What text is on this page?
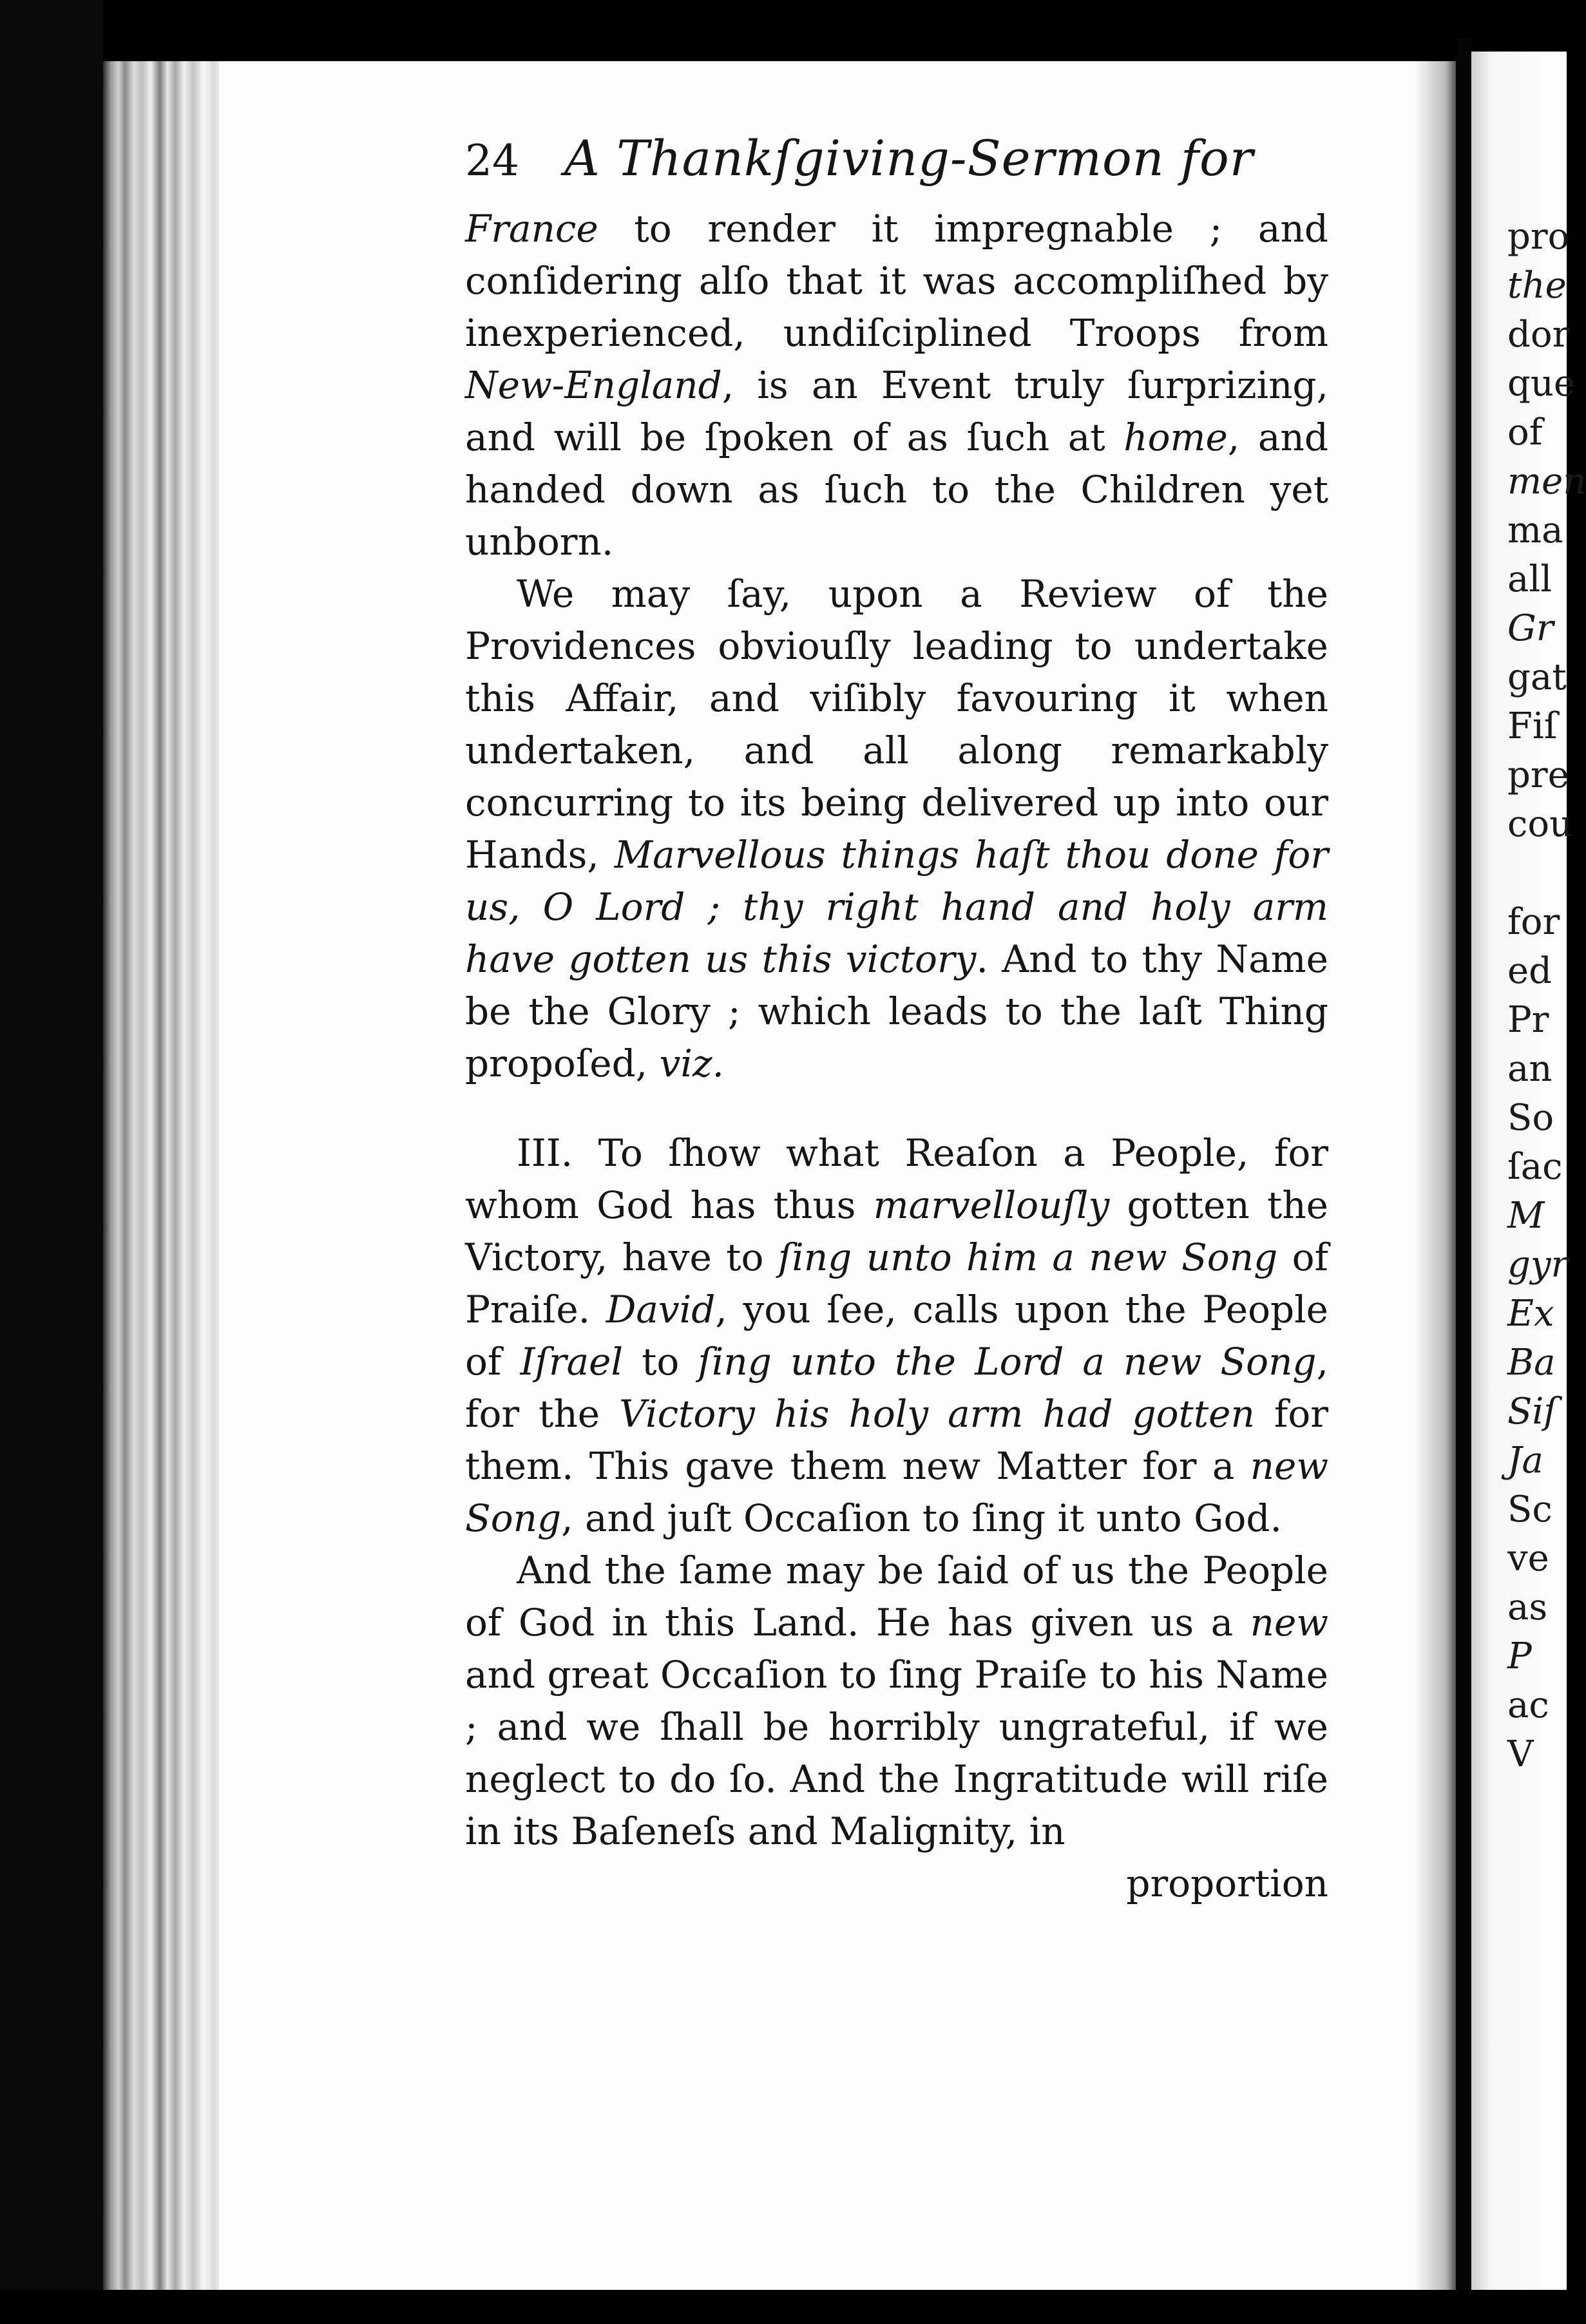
24 A Thankſgiving-Sermon for

France to render it impregnable ; and conſidering alſo that it was accompliſhed by inexperienced, undiſciplined Troops from New-England, is an Event truly ſurprizing, and will be ſpoken of as ſuch at home, and handed down as ſuch to the Children yet unborn.

We may ſay, upon a Review of the Providences obviouſly leading to undertake this Affair, and viſibly favouring it when undertaken, and all along remarkably concurring to its being delivered up into our Hands, Marvellous things haſt thou done for us, O Lord ; thy right hand and holy arm have gotten us this victory. And to thy Name be the Glory ; which leads to the laſt Thing propoſed, viz.

III. To ſhow what Reaſon a People, for whom God has thus marvellouſly gotten the Victory, have to ſing unto him a new Song of Praiſe. David, you ſee, calls upon the People of Iſrael to ſing unto the Lord a new Song, for the Victory his holy arm had gotten for them. This gave them new Matter for a new Song, and juſt Occaſion to ſing it unto God.

And the ſame may be ſaid of us the People of God in this Land. He has given us a new and great Occaſion to ſing Praiſe to his Name ; and we ſhall be horribly ungrateful, if we neglect to do ſo. And the Ingratitude will riſe in its Baſeneſs and Malignity, in

proportion
pro
the
dor
que
of
men
ma
all
Gr
gat
Fiſ
pre
cou
for
ed
Pr
an
So
ſac
M
gyr
Ex
Ba
Siſ
Ja
Sc
ve
as
P
ac
V
